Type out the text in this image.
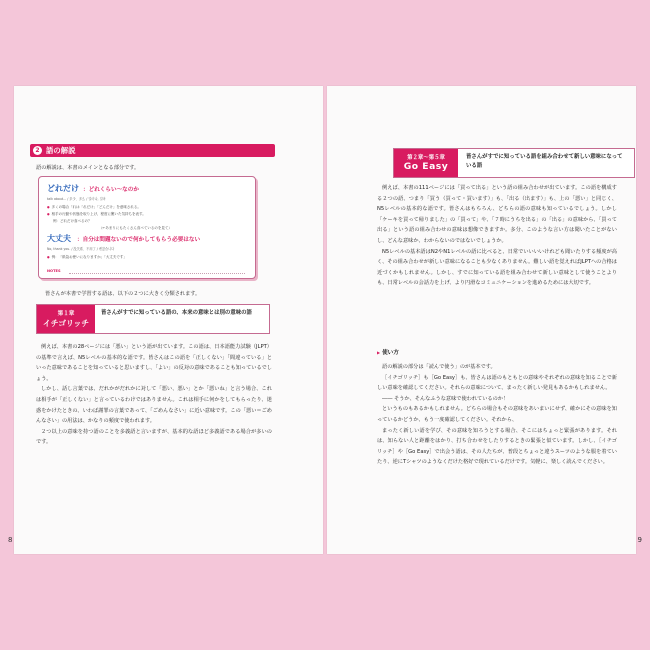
2 語の解説

語の解説は、本書のメインとなる部分です。

どれだけ ：どれくらい～なのか
talk about... / 多少、多么 / 얼마나, 얼마
● 多くの場合「れは「れだけ」「どんだけ」を意味される。
● 相手の行動や状態を取り上げ、程度に驚いた気持ちを表す。
例：どれだけ食べるの？
（←あまりにもたくさん食べているのを見て）
大丈夫 ：自分は問題ないので何かしてもらう必要はない
No, thank you. / 没关系、不用了 / 괜찮습니다
● 例：「紙袋お使いになりますか」「大丈夫です」
NOTES

皆さんが本書で学習する語は、以下の２つに大きく分類されます。

第１章
イチゴリッチ
皆さんがすでに知っている語の、本来の意味とは別の意味の語

例えば、本書の28ページには「悪い」という語が出ています。この語は、日本語能力試験（JLPT）の基準で言えば、N5レベルの基本的な語です。皆さんはこの語を「正しくない」「間違っている」といった意味であることを知っていると思いますし、「よい」の反対の意味であることも知っているでしょう。

しかし、話し言葉では、だれかがだれかに対して「悪い、悪い」とか「悪いね」と言う場合、これは相手が「正しくない」と言っているわけではありません。これは相手に何かをしてもらったり、迷惑をかけたときの、いわば謝罪の言葉であって、「ごめんなさい」に近い意味です。この「悪い＝ごめんなさい」の用法は、かなりの頻度で使われます。

２つ以上の意味を持つ語のことを多義語と言いますが、基本的な語ほど多義語である場合が多いのです。

8
第２章～第５章
Go Easy
皆さんがすでに知っている語を組み合わせて新しい意味になっている語

例えば、本書の111ページには「買って出る」という語の組み合わせが出ています。この語を構成する２つの語、つまり「買う（買って・買います）」も、「出る（出ます）」も、上の「悪い」と同じく、N5レベルの基本的な語です。皆さんはもちろん、どちらの語の意味も知っているでしょう。しかし「ケーキを買って帰りました」の「買って」や、「７時にうちを出る」の「出る」の意味から、「買って出る」という語の組み合わせの意味は想像できますか。多分、このような言い方は聞いたことがないし、どんな意味か、わからないのではないでしょうか。

N5レベルの基本語はN2やN1レベルの語に比べると、日常でいいいいけれども聞いたりする頻度が高く、その組み合わせが新しい意味になることも少なくありません。難しい語を覚えればJLPTへの合格は近づくかもしれません。しかし、すでに知っている語を組み合わせて新しい意味として使うことよりも、日常レベルの会話力を上げ、より円滑なコミュニケーションを進めるためには大切です。

▶ 使い方

語の解説の部分は「読んで使う」のが基本です。

［イチゴリッチ］も［Go Easy］も、皆さんは語のもともとの意味やそれぞれの意味を知ることで新しい意味を確認してください。それらの意味について、まったく新しい発見もあるかもしれません。

―― そうか、そんなふうな意味で使われているのか！

というものもあるかもしれません。どちらの場合もその意味をあいまいにせず、確かにその意味を知っているかどうか、もう一度確認してください。それから、

まったく新しい語を学び、その意味を知ろうとする場合、そこにはちょっと緊張があります。それは、知らない人と距離をはかり、打ち合わせをしたりするときの緊張と似ています。しかし、［イチゴリッチ］や［Go Easy］で出会う語は、その人たちが、普段とちょっと違うスーツのような服を着ていたり、逆にTシャツのようなくだけた格好で現れているだけです。気軽に、楽しく読んでください。

9
